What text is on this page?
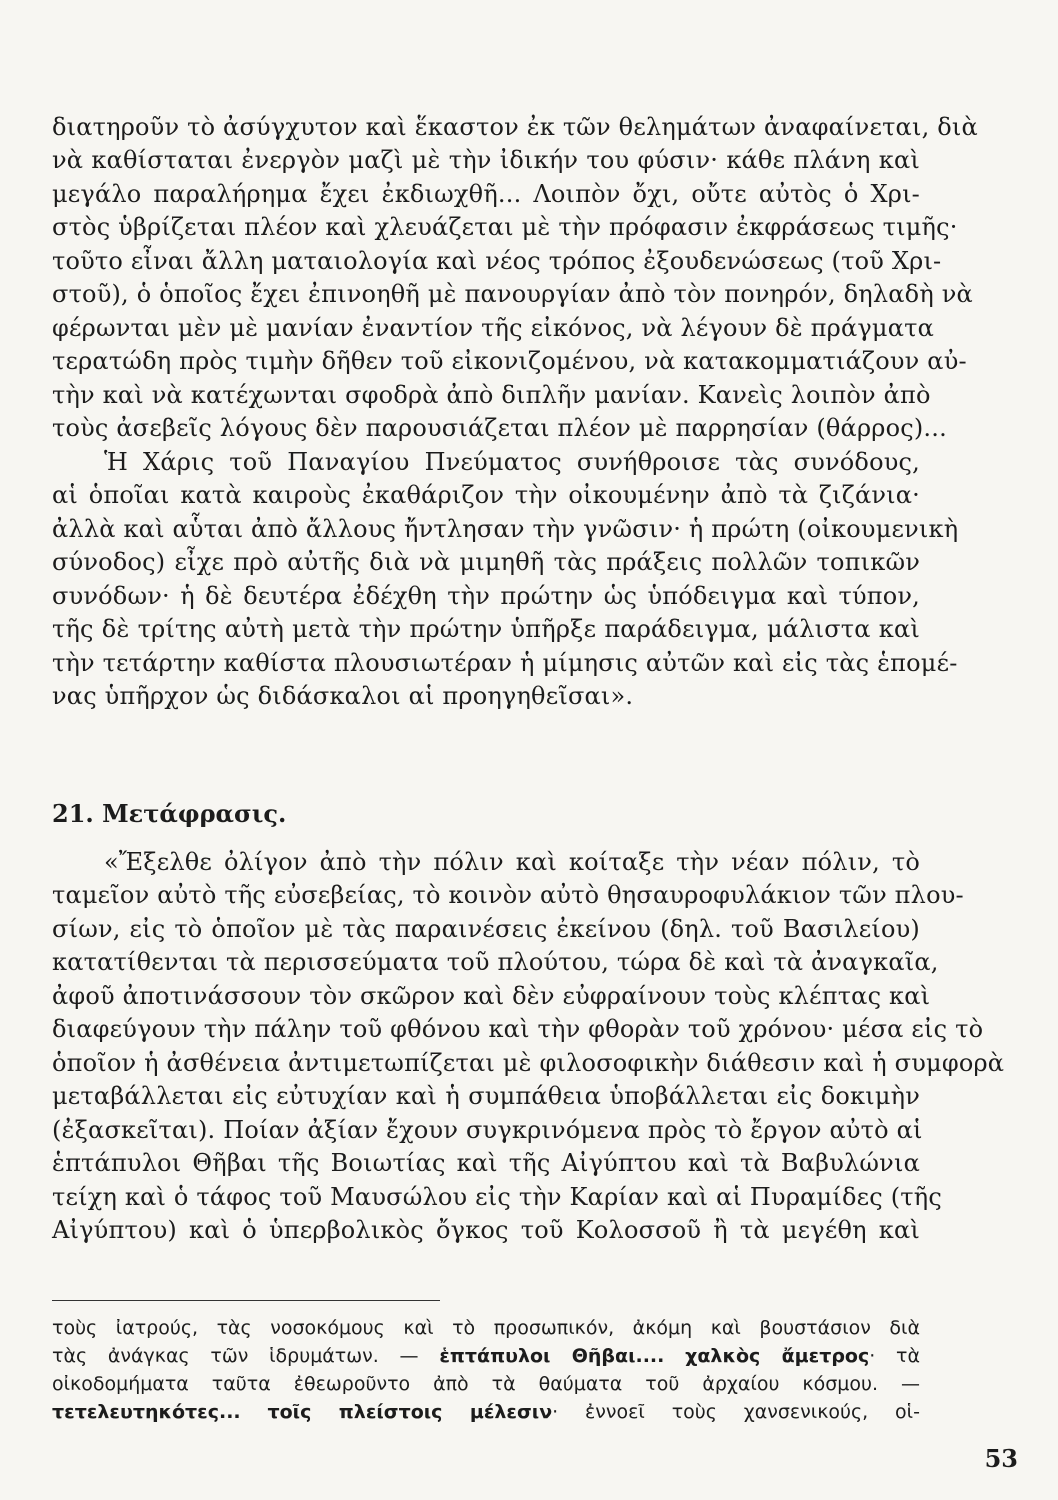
διατηροῦν τὸ ἀσύγχυτον καὶ ἕκαστον ἐκ τῶν θελημάτων ἀναφαίνεται, διὰ
νὰ καθίσταται ἐνεργὸν μαζὶ μὲ τὴν ἰδικήν του φύσιν· κάθε πλάνη καὶ
μεγάλο παραλήρημα ἔχει ἐκδιωχθῆ... Λοιπὸν ὄχι, οὔτε αὐτὸς ὁ Χρι-
στὸς ὑβρίζεται πλέον καὶ χλευάζεται μὲ τὴν πρόφασιν ἐκφράσεως τιμῆς·
τοῦτο εἶναι ἄλλη ματαιολογία καὶ νέος τρόπος ἐξουδενώσεως (τοῦ Χρι-
στοῦ), ὁ ὁποῖος ἔχει ἐπινοηθῆ μὲ πανουργίαν ἀπὸ τὸν πονηρόν, δηλαδὴ νὰ
φέρωνται μὲν μὲ μανίαν ἐναντίον τῆς εἰκόνος, νὰ λέγουν δὲ πράγματα
τερατώδη πρὸς τιμὴν δῆθεν τοῦ εἰκονιζομένου, νὰ κατακομματιάζουν αὐ-
τὴν καὶ νὰ κατέχωνται σφοδρὰ ἀπὸ διπλῆν μανίαν. Κανεὶς λοιπὸν ἀπὸ
τοὺς ἀσεβεῖς λόγους δὲν παρουσιάζεται πλέον μὲ παρρησίαν (θάρρος)...
Ἡ Χάρις τοῦ Παναγίου Πνεύματος συνήθροισε τὰς συνόδους,
αἱ ὁποῖαι κατὰ καιροὺς ἐκαθάριζον τὴν οἰκουμένην ἀπὸ τὰ ζιζάνια·
ἀλλὰ καὶ αὗται ἀπὸ ἄλλους ἤντλησαν τὴν γνῶσιν· ἡ πρώτη (οἰκουμενικὴ
σύνοδος) εἶχε πρὸ αὐτῆς διὰ νὰ μιμηθῆ τὰς πράξεις πολλῶν τοπικῶν
συνόδων· ἡ δὲ δευτέρα ἐδέχθη τὴν πρώτην ὡς ὑπόδειγμα καὶ τύπον,
τῆς δὲ τρίτης αὐτὴ μετὰ τὴν πρώτην ὑπῆρξε παράδειγμα, μάλιστα καὶ
τὴν τετάρτην καθίστα πλουσιωτέραν ἡ μίμησις αὐτῶν καὶ εἰς τὰς ἑπομέ-
νας ὑπῆρχον ὡς διδάσκαλοι αἱ προηγηθεῖσαι».
21. Μετάφρασις.
«Ἔξελθε ὀλίγον ἀπὸ τὴν πόλιν καὶ κοίταξε τὴν νέαν πόλιν, τὸ
ταμεῖον αὐτὸ τῆς εὐσεβείας, τὸ κοινὸν αὐτὸ θησαυροφυλάκιον τῶν πλου-
σίων, εἰς τὸ ὁποῖον μὲ τὰς παραινέσεις ἐκείνου (δηλ. τοῦ Βασιλείου)
κατατίθενται τὰ περισσεύματα τοῦ πλούτου, τώρα δὲ καὶ τὰ ἀναγκαῖα,
ἀφοῦ ἀποτινάσσουν τὸν σκῶρον καὶ δὲν εὐφραίνουν τοὺς κλέπτας καὶ
διαφεύγουν τὴν πάλην τοῦ φθόνου καὶ τὴν φθορὰν τοῦ χρόνου· μέσα εἰς τὸ
ὁποῖον ἡ ἀσθένεια ἀντιμετωπίζεται μὲ φιλοσοφικὴν διάθεσιν καὶ ἡ συμφορὰ
μεταβάλλεται εἰς εὐτυχίαν καὶ ἡ συμπάθεια ὑποβάλλεται εἰς δοκιμὴν
(ἐξασκεῖται). Ποίαν ἀξίαν ἔχουν συγκρινόμενα πρὸς τὸ ἔργον αὐτὸ αἱ
ἑπτάπυλοι Θῆβαι τῆς Βοιωτίας καὶ τῆς Αἰγύπτου καὶ τὰ Βαβυλώνια
τείχη καὶ ὁ τάφος τοῦ Μαυσώλου εἰς τὴν Καρίαν καὶ αἱ Πυραμίδες (τῆς
Αἰγύπτου) καὶ ὁ ὑπερβολικὸς ὄγκος τοῦ Κολοσσοῦ ἢ τὰ μεγέθη καὶ
τοὺς ἰατρούς, τὰς νοσοκόμους καὶ τὸ προσωπικόν, ἀκόμη καὶ βουστάσιον διὰ
τὰς ἀνάγκας τῶν ἱδρυμάτων. — ἑπτάπυλοι Θῆβαι.... χαλκὸς ἄμετρος· τὰ
οἰκοδομήματα ταῦτα ἐθεωροῦντο ἀπὸ τὰ θαύματα τοῦ ἀρχαίου κόσμου. —
τετελευτηκότες... τοῖς πλείστοις μέλεσιν· ἐννοεῖ τοὺς χανσενικούς, οἱ-
53
